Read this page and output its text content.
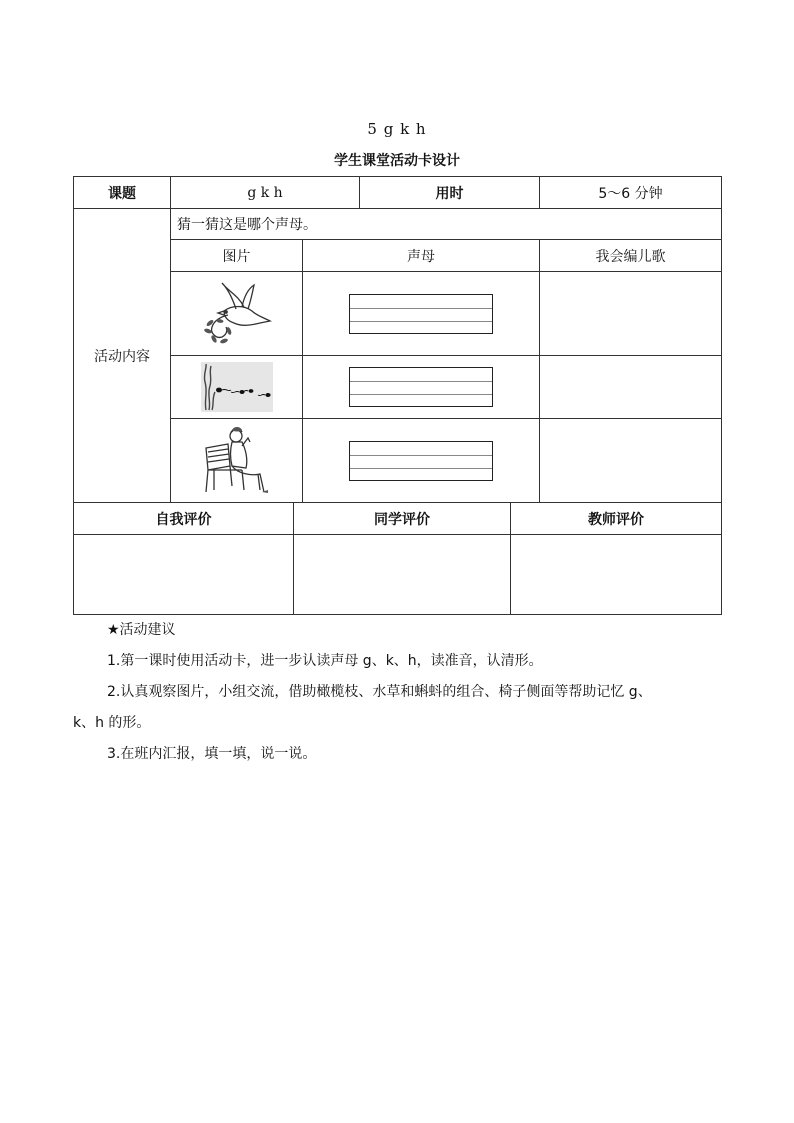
5 g k h
学生课堂活动卡设计
课题	g k h		用时	5～6 分钟
活动内容	猜一猜这是哪个声母。			
	图片	声母		我会编儿歌

自我评价	同学评价	教师评价

★活动建议

1.第一课时使用活动卡，进一步认读声母 g、k、h，读准音，认清形。

2.认真观察图片，小组交流，借助橄榄枝、水草和蝌蚪的组合、椅子侧面等帮助记忆 g、

k、h 的形。

3.在班内汇报，填一填，说一说。
